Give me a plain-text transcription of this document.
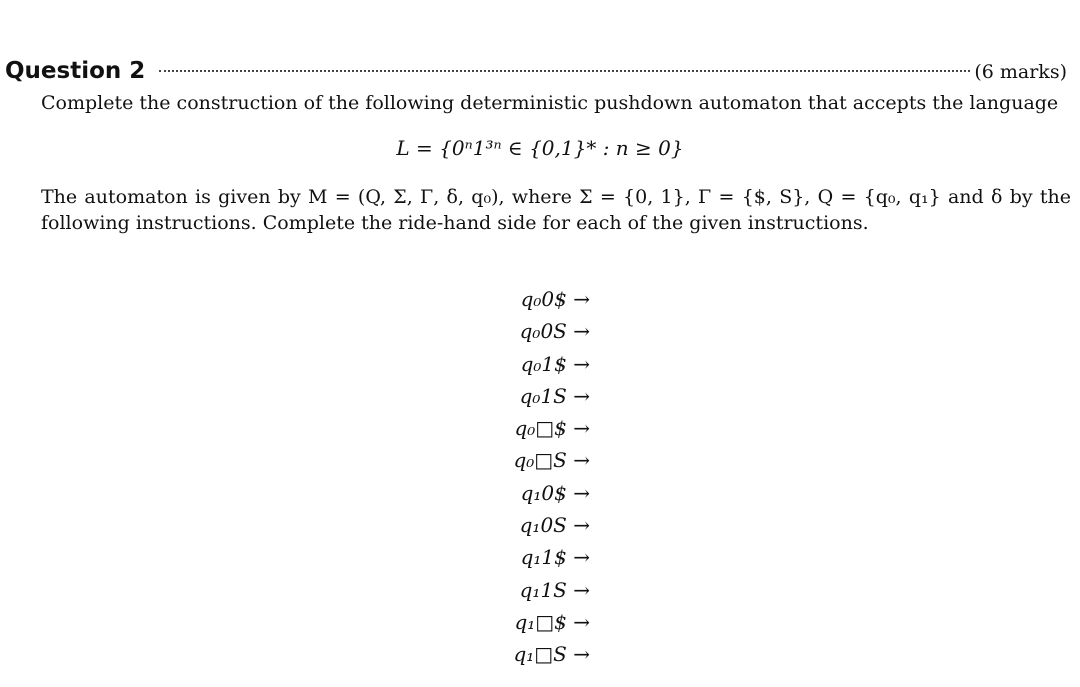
Question 2	(6 marks)

Complete the construction of the following deterministic pushdown automaton that accepts the language

L = {0ⁿ1³ⁿ ∈ {0,1}* : n ≥ 0}

The automaton is given by M = (Q, Σ, Γ, δ, q₀), where Σ = {0, 1}, Γ = {$, S}, Q = {q₀, q₁} and δ by the following instructions. Complete the ride-hand side for each of the given instructions.

q₀0$ →
q₀0S →
q₀1$ →
q₀1S →
q₀□$ →
q₀□S →
q₁0$ →
q₁0S →
q₁1$ →
q₁1S →
q₁□$ →
q₁□S →
